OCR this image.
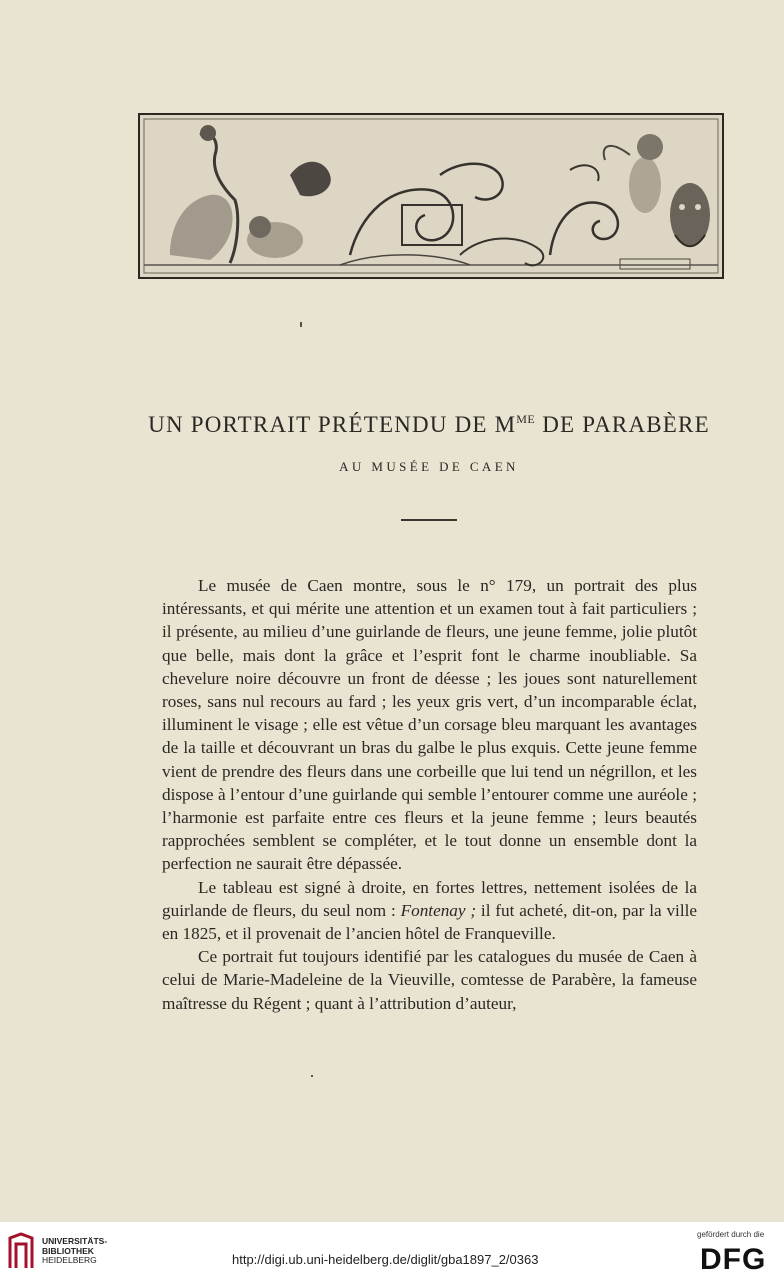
UN PORTRAIT PRÉTENDU DE $M^{ME}$ DE PARABÈRE
AU MUSÉE DE CAEN

Le musée de Caen montre, sous le n° 179, un portrait des plus intéressants, et qui mérite une attention et un examen tout à fait particuliers ; il présente, au milieu d’une guirlande de fleurs, une jeune femme, jolie plutôt que belle, mais dont la grâce et l’esprit font le charme inoubliable. Sa chevelure noire découvre un front de déesse ; les joues sont naturellement roses, sans nul recours au fard ; les yeux gris vert, d’un incomparable éclat, illuminent le visage ; elle est vêtue d’un corsage bleu marquant les avantages de la taille et découvrant un bras du galbe le plus exquis. Cette jeune femme vient de prendre des fleurs dans une corbeille que lui tend un négrillon, et les dispose à l’entour d’une guirlande qui semble l’entourer comme une auréole ; l’harmonie est parfaite entre ces fleurs et la jeune femme ; leurs beautés rapprochées semblent se compléter, et le tout donne un ensemble dont la perfection ne saurait être dépassée.

Le tableau est signé à droite, en fortes lettres, nettement isolées de la guirlande de fleurs, du seul nom : Fontenay ; il fut acheté, dit-on, par la ville en 1825, et il provenait de l’ancien hôtel de Franqueville.

Ce portrait fut toujours identifié par les catalogues du musée de Caen à celui de Marie-Madeleine de la Vieuville, comtesse de Parabère, la fameuse maîtresse du Régent ; quant à l’attribution d’auteur,

UNIVERSITÄTS-
BIBLIOTHEK
HEIDELBERG	http://digi.ub.uni-heidelberg.de/diglit/gba1897_2/0363
gefördert durch die
DFG
